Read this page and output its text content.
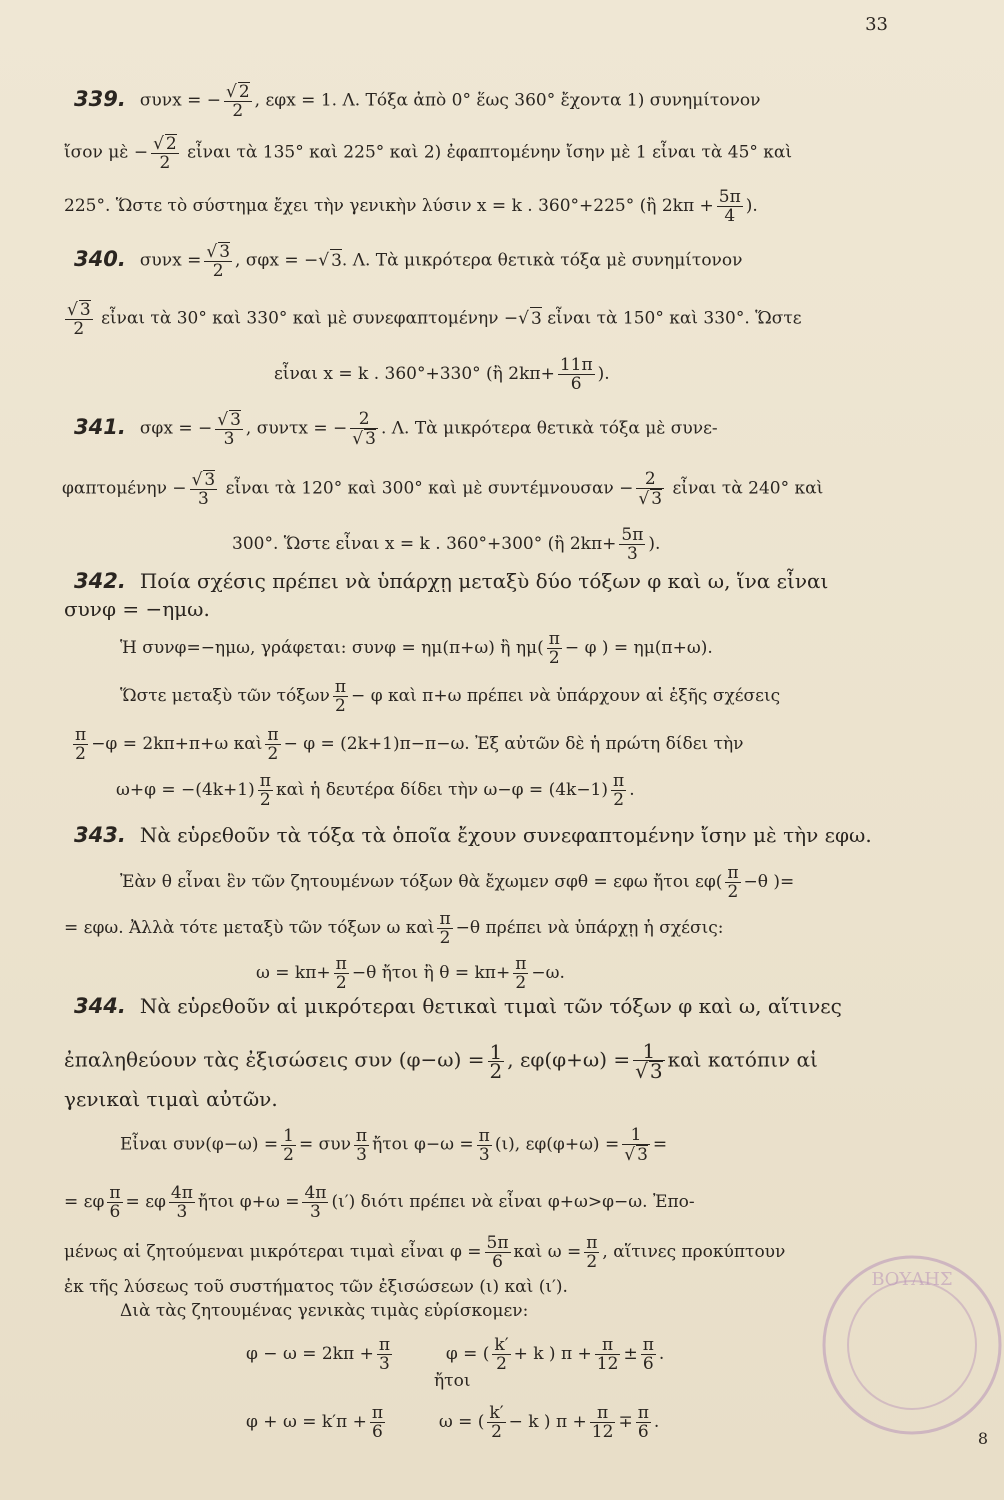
33
339. συνx = − $\frac{√ 2}{2}$ , εφx = 1. Λ. Τόξα ἀπὸ 0° ἕως 360° ἔχοντα 1) συνημίτονον
ἴσον μὲ − $\frac{√ 2}{2}$ εἶναι τὰ 135° καὶ 225° καὶ 2) ἐφαπτομένην ἴσην μὲ 1 εἶναι τὰ 45° καὶ
225°. Ὥστε τὸ σύστημα ἔχει τὴν γενικὴν λύσιν x = k . 360°+225° (ἢ $2k\pi + \frac{5\pi}{4}$ ).
340. $\sigma\upsilon\nu x = \frac{√ 3}{2}$ , σφx = −√ 3. Λ. Τὰ μικρότερα θετικὰ τόξα μὲ συνημίτονον
$\frac{√ 3}{2}$ εἶναι τὰ 30° καὶ 330° καὶ μὲ συνεφαπτομένην −√ 3 εἶναι τὰ 150° καὶ 330°. Ὥστε
εἶναι x = k . 360°+330° (ἢ $2k\pi+ \frac{11\pi}{6}$ ).
341. σφx = − $\frac{√ 3}{3}$ , συντx = − $\frac{2}{√ 3}$ . Λ. Τὰ μικρότερα θετικὰ τόξα μὲ συνε-
$\varphi\alpha\pi\tau o\mu έ\nu\eta\nu - \frac{√ 3}{3}$ εἶναι τὰ 120° καὶ 300° καὶ μὲ $\sigma\upsilon\nu\tau έ\mu\nu o\upsilon\sigma\alpha\nu - \frac{2}{√ 3}$ εἶναι τὰ 240° καὶ
300°. Ὥστε εἶναι x = k . 360°+300° (ἢ $2k\pi+ \frac{5\pi}{3}$ ).
342. Ποία σχέσις πρέπει νὰ ὑπάρχῃ μεταξὺ δύο τόξων φ καὶ ω, ἵνα εἶναι
συνφ = −ημω.
Ἡ συνφ=−ημω, γράφεται: συνφ = ημ(π+ω) ἢ $\eta\mu( \frac{\pi}{2} - \varphi$ ) = ημ(π+ω).
Ὥστε μεταξὺ τῶν τόξων $\frac{\pi}{2} - \varphi$ καὶ π+ω πρέπει νὰ ὑπάρχουν αἱ ἑξῆς σχέσεις
$\frac{\pi}{2} -\varphi = 2k\pi+\pi+\omega$ καὶ $\frac{\pi}{2} - \varphi = (2k+1)\pi-\pi-\omega$. Ἐξ αὐτῶν δὲ ἡ πρώτη δίδει τὴν
$\omega+\varphi = -(4k+1) \frac{\pi}{2}$ καὶ ἡ δευτέρα δίδει τὴν $\omega-\varphi = (4k-1) \frac{\pi}{2}$ .
343. Νὰ εὑρεθοῦν τὰ τόξα τὰ ὁποῖα ἔχουν συνεφαπτομένην ἴσην μὲ τὴν εφω.
Ἐὰν θ εἶναι ἓν τῶν ζητουμένων τόξων θὰ ἔχωμεν σφθ = εφω ἤτοι $\varepsilon\varphi( \frac{\pi}{2} -\theta$ )=
= εφω. Ἀλλὰ τότε μεταξὺ τῶν τόξων ω καὶ $\frac{\pi}{2} -\theta$ πρέπει νὰ ὑπάρχῃ ἡ σχέσις:
$\omega = k\pi+ \frac{\pi}{2} -\theta$ ἤτοι ἢ $\theta = k\pi+ \frac{\pi}{2} -\omega$.
344. Νὰ εὑρεθοῦν αἱ μικρότεραι θετικαὶ τιμαὶ τῶν τόξων φ καὶ ω, αἵτινες
ἐπαληθεύουν τὰς ἐξισώσεις συν $(\varphi-\omega) = \frac{1}{2}$ , $\varepsilon\varphi(\varphi+\omega) = \frac{1}{√ 3}$ καὶ κατόπιν αἱ
γενικαὶ τιμαὶ αὐτῶν.
Εἶναι $\sigma\upsilon\nu(\varphi-\omega) = \frac{1}{2} = \sigma\upsilon\nu \frac{\pi}{3}$ ἤτοι $\varphi-\omega = \frac{\pi}{3} (\iota)$, $\varepsilon\varphi(\varphi+\omega) = \frac{1}{√ 3}$ =
= εφ $\frac{\pi}{6} = \varepsilon\varphi \frac{4\pi}{3}$ ἤτοι $\varphi+\omega = \frac{4\pi}{3} (\iota')$ διότι πρέπει νὰ εἶναι φ+ω>φ−ω. Ἐπο-
μένως αἱ ζητούμεναι μικρότεραι τιμαὶ εἶναι $\varphi = \frac{5\pi}{6}$ καὶ $\omega = \frac{\pi}{2}$ , αἵτινες προκύπτουν
ἐκ τῆς λύσεως τοῦ συστήματος τῶν ἐξισώσεων (ι) καὶ (ι′).
Διὰ τὰς ζητουμένας γενικὰς τιμὰς εὑρίσκομεν:
$\varphi - \omega = 2k\pi + \frac{\pi}{3}$	φ = ( $\frac{k'}{2} + k$ ) $\pi + \frac{\pi}{12} \pm \frac{\pi}{6}$ .
ἤτοι
$\varphi + \omega = k'\pi + \frac{\pi}{6}$	ω = ( $\frac{k'}{2} - k$ ) $\pi + \frac{\pi}{12} \mp \frac{\pi}{6}$ .
ΒΟΥΛΗΣ
8
